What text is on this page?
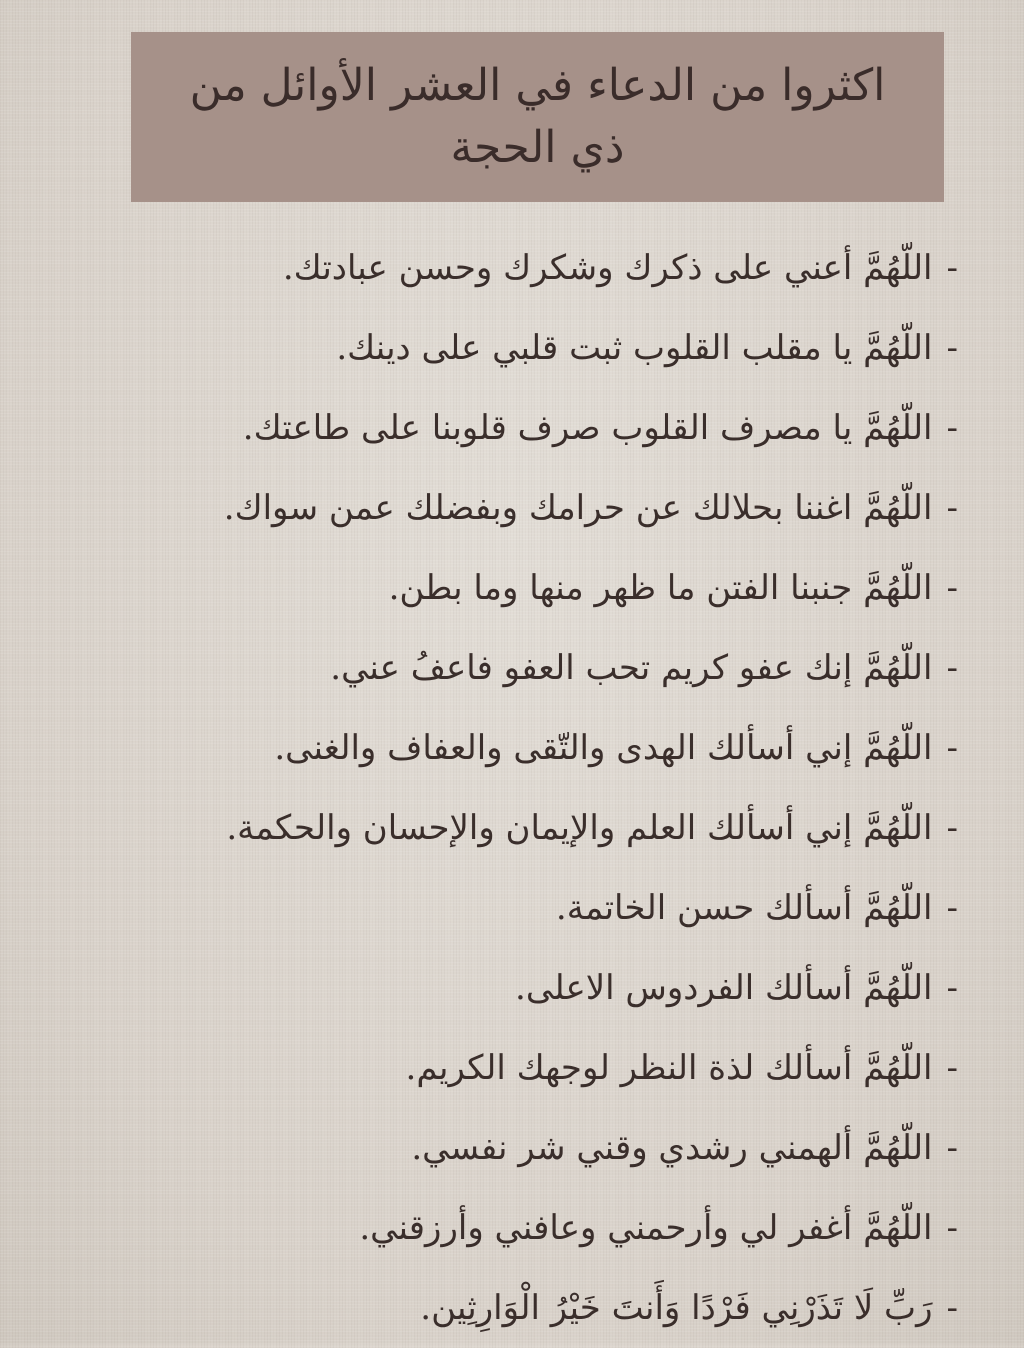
اكثروا من الدعاء في العشر الأوائل من ذي الحجة
-
اللّهُمَّ أعني على ذكرك وشكرك وحسن عبادتك.
-
اللّهُمَّ يا مقلب القلوب ثبت قلبي على دينك.
-
اللّهُمَّ يا مصرف القلوب صرف قلوبنا على طاعتك.
-
اللّهُمَّ اغننا بحلالك عن حرامك وبفضلك عمن سواك.
-
اللّهُمَّ جنبنا الفتن ما ظهر منها وما بطن.
-
اللّهُمَّ إنك عفو كريم تحب العفو فاعفُ عني.
-
اللّهُمَّ إني أسألك الهدى والتّقى والعفاف والغنى.
-
اللّهُمَّ إني أسألك العلم والإيمان والإحسان والحكمة.
-
اللّهُمَّ أسألك حسن الخاتمة.
-
اللّهُمَّ أسألك الفردوس الاعلى.
-
اللّهُمَّ أسألك لذة النظر لوجهك الكريم.
-
اللّهُمَّ ألهمني رشدي وقني شر نفسي.
-
اللّهُمَّ أغفر لي وأرحمني وعافني وأرزقني.
-
رَبِّ لَا تَذَرْنِي فَرْدًا وَأَنتَ خَيْرُ الْوَارِثِين.
